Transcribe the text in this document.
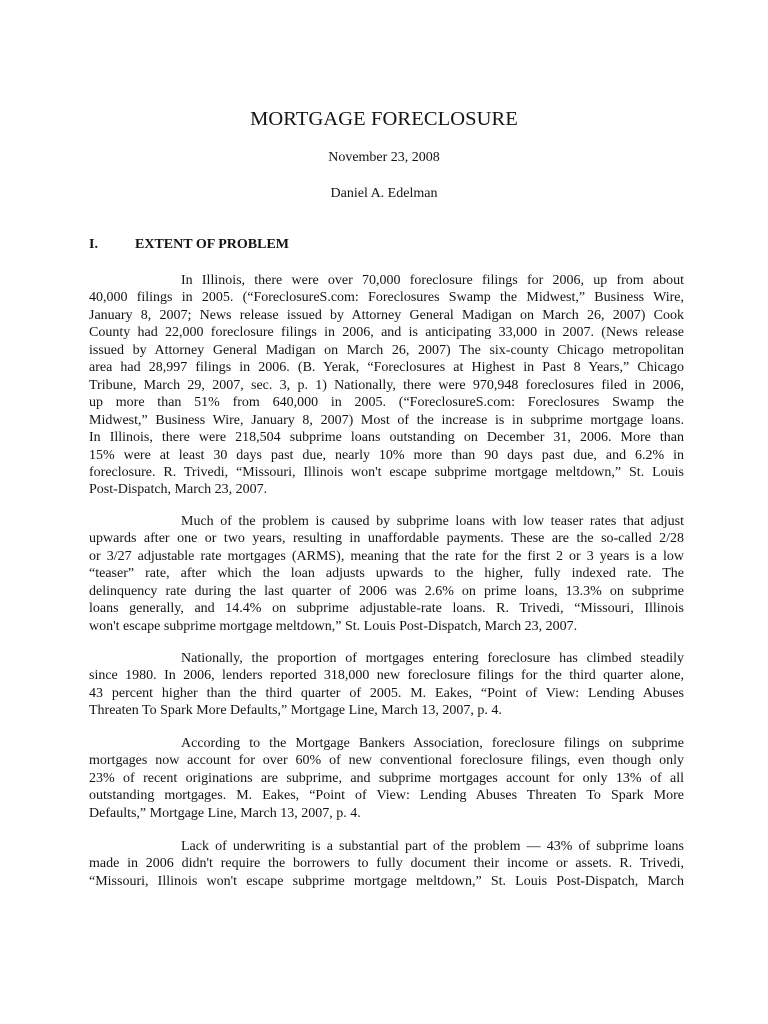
MORTGAGE FORECLOSURE
November 23, 2008
Daniel A. Edelman
I.	EXTENT OF PROBLEM
In Illinois, there were over 70,000 foreclosure filings for 2006, up from about
40,000 filings in 2005. (“ForeclosureS.com: Foreclosures Swamp the Midwest,” Business Wire,
January 8, 2007; News release issued by Attorney General Madigan on March 26, 2007) Cook
County had 22,000 foreclosure filings in 2006, and is anticipating 33,000 in 2007. (News release
issued by Attorney General Madigan on March 26, 2007) The six-county Chicago metropolitan
area had 28,997 filings in 2006. (B. Yerak, “Foreclosures at Highest in Past 8 Years,” Chicago
Tribune, March 29, 2007, sec. 3, p. 1) Nationally, there were 970,948 foreclosures filed in 2006,
up more than 51% from 640,000 in 2005. (“ForeclosureS.com: Foreclosures Swamp the
Midwest,” Business Wire, January 8, 2007) Most of the increase is in subprime mortgage loans.
In Illinois, there were 218,504 subprime loans outstanding on December 31, 2006. More than
15% were at least 30 days past due, nearly 10% more than 90 days past due, and 6.2% in
foreclosure. R. Trivedi, “Missouri, Illinois won't escape subprime mortgage meltdown,” St. Louis
Post-Dispatch, March 23, 2007.
Much of the problem is caused by subprime loans with low teaser rates that adjust
upwards after one or two years, resulting in unaffordable payments. These are the so-called 2/28
or 3/27 adjustable rate mortgages (ARMS), meaning that the rate for the first 2 or 3 years is a low
“teaser” rate, after which the loan adjusts upwards to the higher, fully indexed rate. The
delinquency rate during the last quarter of 2006 was 2.6% on prime loans, 13.3% on subprime
loans generally, and 14.4% on subprime adjustable-rate loans. R. Trivedi, “Missouri, Illinois
won't escape subprime mortgage meltdown,” St. Louis Post-Dispatch, March 23, 2007.
Nationally, the proportion of mortgages entering foreclosure has climbed steadily
since 1980. In 2006, lenders reported 318,000 new foreclosure filings for the third quarter alone,
43 percent higher than the third quarter of 2005. M. Eakes, “Point of View: Lending Abuses
Threaten To Spark More Defaults,” Mortgage Line, March 13, 2007, p. 4.
According to the Mortgage Bankers Association, foreclosure filings on subprime
mortgages now account for over 60% of new conventional foreclosure filings, even though only
23% of recent originations are subprime, and subprime mortgages account for only 13% of all
outstanding mortgages. M. Eakes, “Point of View: Lending Abuses Threaten To Spark More
Defaults,” Mortgage Line, March 13, 2007, p. 4.
Lack of underwriting is a substantial part of the problem — 43% of subprime loans
made in 2006 didn't require the borrowers to fully document their income or assets. R. Trivedi,
“Missouri, Illinois won't escape subprime mortgage meltdown,” St. Louis Post-Dispatch, March
